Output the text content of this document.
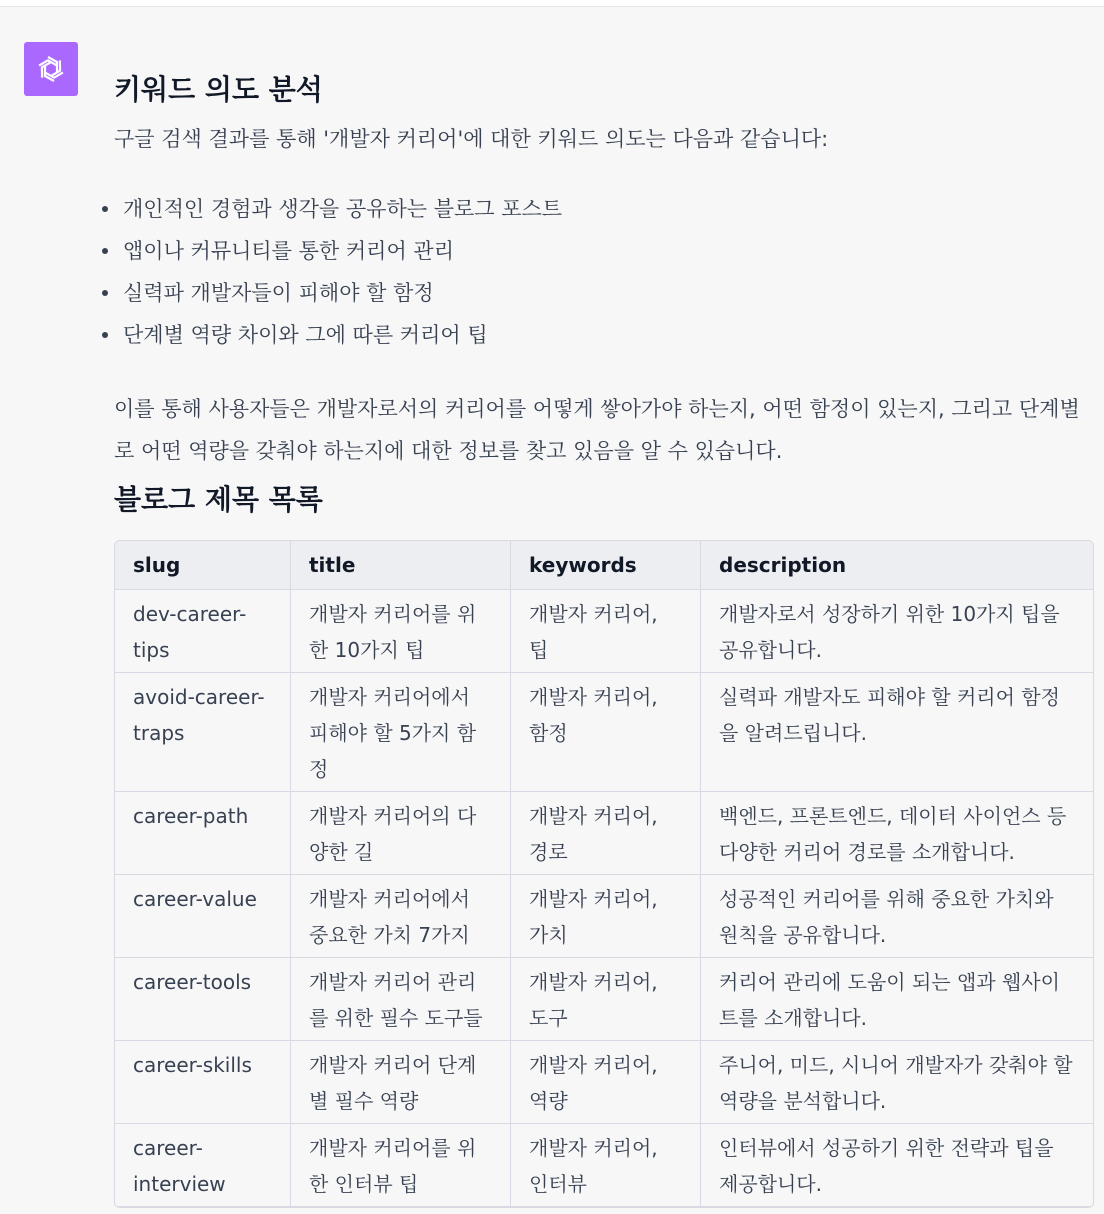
키워드 의도 분석

구글 검색 결과를 통해 '개발자 커리어'에 대한 키워드 의도는 다음과 같습니다:

개인적인 경험과 생각을 공유하는 블로그 포스트
앱이나 커뮤니티를 통한 커리어 관리
실력파 개발자들이 피해야 할 함정
단계별 역량 차이와 그에 따른 커리어 팁

이를 통해 사용자들은 개발자로서의 커리어를 어떻게 쌓아가야 하는지, 어떤 함정이 있는지, 그리고 단계별로 어떤 역량을 갖춰야 하는지에 대한 정보를 찾고 있음을 알 수 있습니다.

블로그 제목 목록
slug	title	keywords	description
dev-career-tips	개발자 커리어를 위한 10가지 팁	개발자 커리어, 팁	개발자로서 성장하기 위한 10가지 팁을 공유합니다.
avoid-career-traps	개발자 커리어에서 피해야 할 5가지 함정	개발자 커리어, 함정	실력파 개발자도 피해야 할 커리어 함정을 알려드립니다.
career-path	개발자 커리어의 다양한 길	개발자 커리어, 경로	백엔드, 프론트엔드, 데이터 사이언스 등 다양한 커리어 경로를 소개합니다.
career-value	개발자 커리어에서 중요한 가치 7가지	개발자 커리어, 가치	성공적인 커리어를 위해 중요한 가치와 원칙을 공유합니다.
career-tools	개발자 커리어 관리를 위한 필수 도구들	개발자 커리어, 도구	커리어 관리에 도움이 되는 앱과 웹사이트를 소개합니다.
career-skills	개발자 커리어 단계별 필수 역량	개발자 커리어, 역량	주니어, 미드, 시니어 개발자가 갖춰야 할 역량을 분석합니다.
career-interview	개발자 커리어를 위한 인터뷰 팁	개발자 커리어, 인터뷰	인터뷰에서 성공하기 위한 전략과 팁을 제공합니다.
